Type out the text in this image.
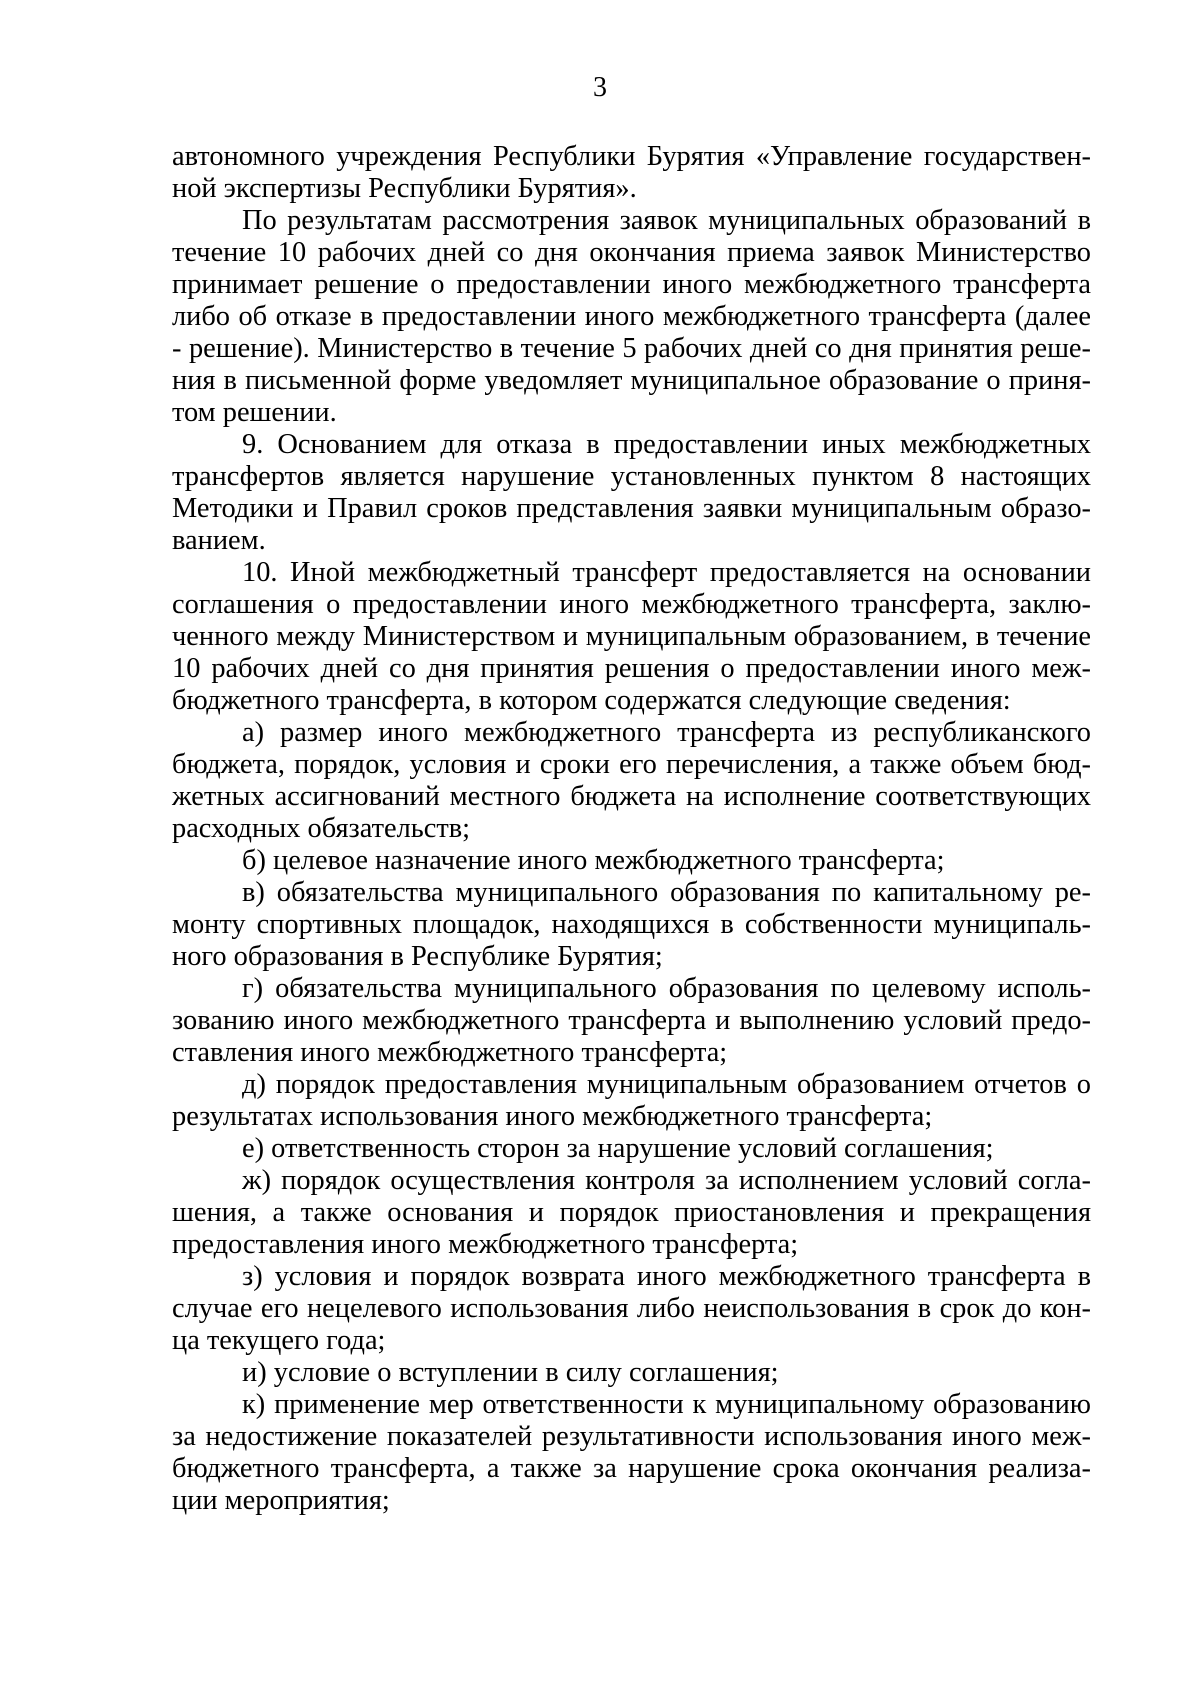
3

автономного учреждения Республики Бурятия «Управление государственной экспертизы Республики Бурятия».

По результатам рассмотрения заявок муниципальных образований в течение 10 рабочих дней со дня окончания приема заявок Министерство принимает решение о предоставлении иного межбюджетного трансферта либо об отказе в предоставлении иного межбюджетного трансферта (далее - решение). Министерство в течение 5 рабочих дней со дня принятия решения в письменной форме уведомляет муниципальное образование о принятом решении.

9. Основанием для отказа в предоставлении иных межбюджетных трансфертов является нарушение установленных пунктом 8 настоящих Методики и Правил сроков представления заявки муниципальным образованием.

10. Иной межбюджетный трансферт предоставляется на основании соглашения о предоставлении иного межбюджетного трансферта, заключенного между Министерством и муниципальным образованием, в течение 10 рабочих дней со дня принятия решения о предоставлении иного межбюджетного трансферта, в котором содержатся следующие сведения:

а) размер иного межбюджетного трансферта из республиканского бюджета, порядок, условия и сроки его перечисления, а также объем бюджетных ассигнований местного бюджета на исполнение соответствующих расходных обязательств;

б) целевое назначение иного межбюджетного трансферта;

в) обязательства муниципального образования по капитальному ремонту спортивных площадок, находящихся в собственности муниципального образования в Республике Бурятия;

г) обязательства муниципального образования по целевому использованию иного межбюджетного трансферта и выполнению условий предоставления иного межбюджетного трансферта;

д) порядок предоставления муниципальным образованием отчетов о результатах использования иного межбюджетного трансферта;

е) ответственность сторон за нарушение условий соглашения;

ж) порядок осуществления контроля за исполнением условий соглашения, а также основания и порядок приостановления и прекращения предоставления иного межбюджетного трансферта;

з) условия и порядок возврата иного межбюджетного трансферта в случае его нецелевого использования либо неиспользования в срок до конца текущего года;

и) условие о вступлении в силу соглашения;

к) применение мер ответственности к муниципальному образованию за недостижение показателей результативности использования иного межбюджетного трансферта, а также за нарушение срока окончания реализации мероприятия;
